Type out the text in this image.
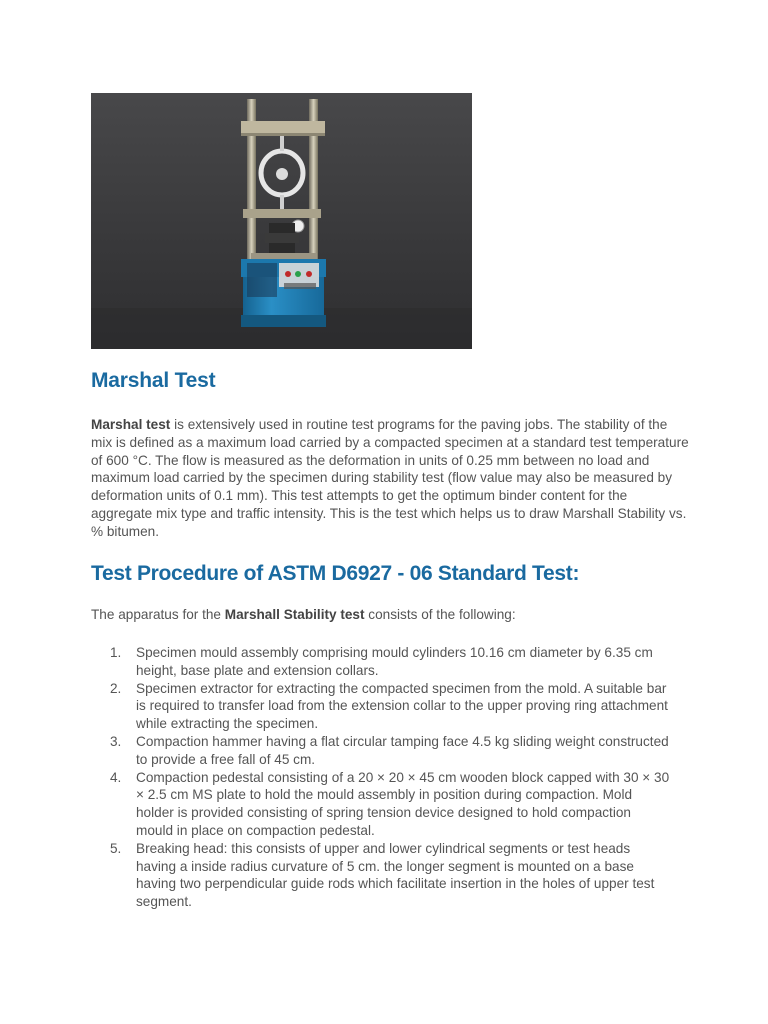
Marshal Test

Marshal test is extensively used in routine test programs for the paving jobs. The stability of the mix is defined as a maximum load carried by a compacted specimen at a standard test temperature of 600 °C. The flow is measured as the deformation in units of 0.25 mm between no load and maximum load carried by the specimen during stability test (flow value may also be measured by deformation units of 0.1 mm). This test attempts to get the optimum binder content for the aggregate mix type and traffic intensity. This is the test which helps us to draw Marshall Stability vs. % bitumen.

Test Procedure of ASTM D6927 - 06 Standard Test:

The apparatus for the Marshall Stability test consists of the following:

1. Specimen mould assembly comprising mould cylinders 10.16 cm diameter by 6.35 cm height, base plate and extension collars.
2. Specimen extractor for extracting the compacted specimen from the mold. A suitable bar is required to transfer load from the extension collar to the upper proving ring attachment while extracting the specimen.
3. Compaction hammer having a flat circular tamping face 4.5 kg sliding weight constructed to provide a free fall of 45 cm.
4. Compaction pedestal consisting of a 20 × 20 × 45 cm wooden block capped with 30 × 30 × 2.5 cm MS plate to hold the mould assembly in position during compaction. Mold holder is provided consisting of spring tension device designed to hold compaction mould in place on compaction pedestal.
5. Breaking head: this consists of upper and lower cylindrical segments or test heads having a inside radius curvature of 5 cm. the longer segment is mounted on a base having two perpendicular guide rods which facilitate insertion in the holes of upper test segment.
